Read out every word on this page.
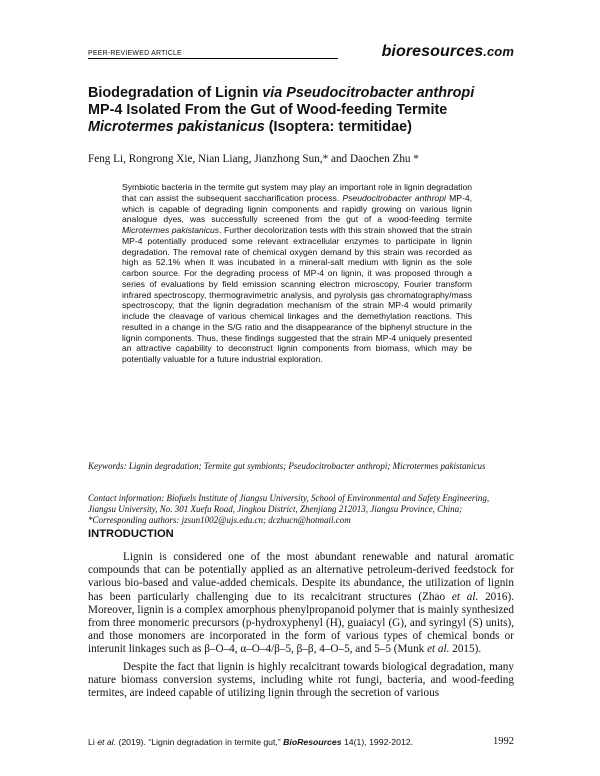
PEER-REVIEWED ARTICLE	bioresources.com
Biodegradation of Lignin via Pseudocitrobacter anthropi
MP-4 Isolated From the Gut of Wood-feeding Termite
Microtermes pakistanicus (Isoptera: termitidae)
Feng Li, Rongrong Xie, Nian Liang, Jianzhong Sun,* and Daochen Zhu *

Symbiotic bacteria in the termite gut system may play an important role in lignin degradation that can assist the subsequent saccharification process. Pseudocitrobacter anthropi MP-4, which is capable of degrading lignin components and rapidly growing on various lignin analogue dyes, was successfully screened from the gut of a wood-feeding termite Microtermes pakistanicus. Further decolorization tests with this strain showed that the strain MP-4 potentially produced some relevant extracellular enzymes to participate in lignin degradation. The removal rate of chemical oxygen demand by this strain was recorded as high as 52.1% when it was incubated in a mineral-salt medium with lignin as the sole carbon source. For the degrading process of MP-4 on lignin, it was proposed through a series of evaluations by field emission scanning electron microscopy, Fourier transform infrared spectroscopy, thermogravimetric analysis, and pyrolysis gas chromatography/mass spectroscopy, that the lignin degradation mechanism of the strain MP-4 would primarily include the cleavage of various chemical linkages and the demethylation reactions. This resulted in a change in the S/G ratio and the disappearance of the biphenyl structure in the lignin components. Thus, these findings suggested that the strain MP-4 uniquely presented an attractive capability to deconstruct lignin components from biomass, which may be potentially valuable for a future industrial exploration.

Keywords: Lignin degradation; Termite gut symbionts; Pseudocitrobacter anthropi; Microtermes pakistanicus
Contact information: Biofuels Institute of Jiangsu University, School of Environmental and Safety Engineering, Jiangsu University, No. 301 Xuefu Road, Jingkou District, Zhenjiang 212013, Jiangsu Province, China; *Corresponding authors: jzsun1002@ujs.edu.cn; dczhucn@hotmail.com
INTRODUCTION

Lignin is considered one of the most abundant renewable and natural aromatic compounds that can be potentially applied as an alternative petroleum-derived feedstock for various bio-based and value-added chemicals. Despite its abundance, the utilization of lignin has been particularly challenging due to its recalcitrant structures (Zhao et al. 2016). Moreover, lignin is a complex amorphous phenylpropanoid polymer that is mainly synthesized from three monomeric precursors (p-hydroxyphenyl (H), guaiacyl (G), and syringyl (S) units), and those monomers are incorporated in the form of various types of chemical bonds or interunit linkages such as β–O–4, α–O–4/β–5, β–β, 4–O–5, and 5–5 (Munk et al. 2015).

Despite the fact that lignin is highly recalcitrant towards biological degradation, many nature biomass conversion systems, including white rot fungi, bacteria, and wood-feeding termites, are indeed capable of utilizing lignin through the secretion of various

Li et al. (2019). “Lignin degradation in termite gut,” BioResources 14(1), 1992-2012.	1992
